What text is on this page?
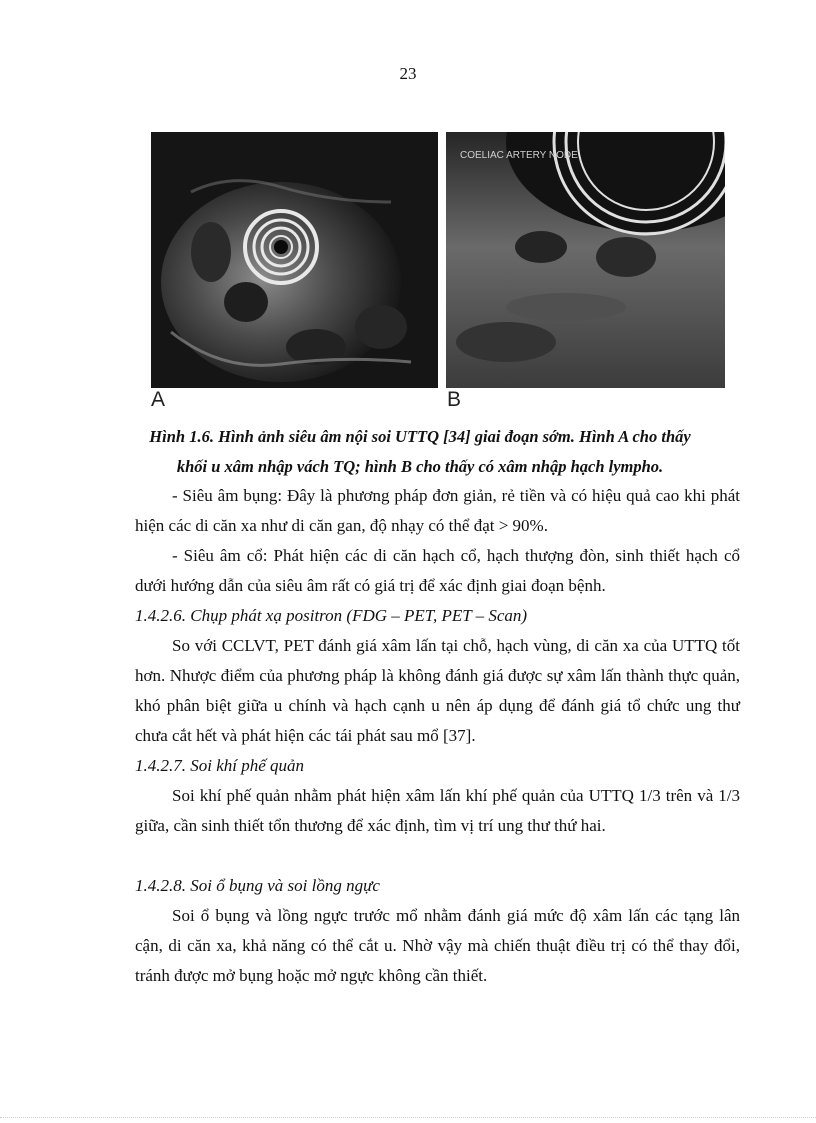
23
COELIAC ARTERY NODE
A	B
Hình 1.6. Hình ảnh siêu âm nội soi UTTQ [34] giai đoạn sớm. Hình A cho thấy
khối u xâm nhập vách TQ; hình B cho thấy có xâm nhập hạch lympho.

- Siêu âm bụng: Đây là phương pháp đơn giản, rẻ tiền và có hiệu quả cao khi phát hiện các di căn xa như di căn gan, độ nhạy có thể đạt > 90%.

- Siêu âm cổ: Phát hiện các di căn hạch cổ, hạch thượng đòn, sinh thiết hạch cổ dưới hướng dẫn của siêu âm rất có giá trị để xác định giai đoạn bệnh.

1.4.2.6. Chụp phát xạ positron (FDG – PET, PET – Scan)

So với CCLVT, PET đánh giá xâm lấn tại chỗ, hạch vùng, di căn xa của UTTQ tốt hơn. Nhược điểm của phương pháp là không đánh giá được sự xâm lấn thành thực quản, khó phân biệt giữa u chính và hạch cạnh u nên áp dụng để đánh giá tổ chức ung thư chưa cắt hết và phát hiện các tái phát sau mổ [37].

1.4.2.7. Soi khí phế quản

Soi khí phế quản nhằm phát hiện xâm lấn khí phế quản của UTTQ 1/3 trên và 1/3 giữa, cần sinh thiết tổn thương để xác định, tìm vị trí ung thư thứ hai.

1.4.2.8. Soi ổ bụng và soi lồng ngực

Soi ổ bụng và lồng ngực trước mổ nhằm đánh giá mức độ xâm lấn các tạng lân cận, di căn xa, khả năng có thể cắt u. Nhờ vậy mà chiến thuật điều trị có thể thay đổi, tránh được mở bụng hoặc mở ngực không cần thiết.
